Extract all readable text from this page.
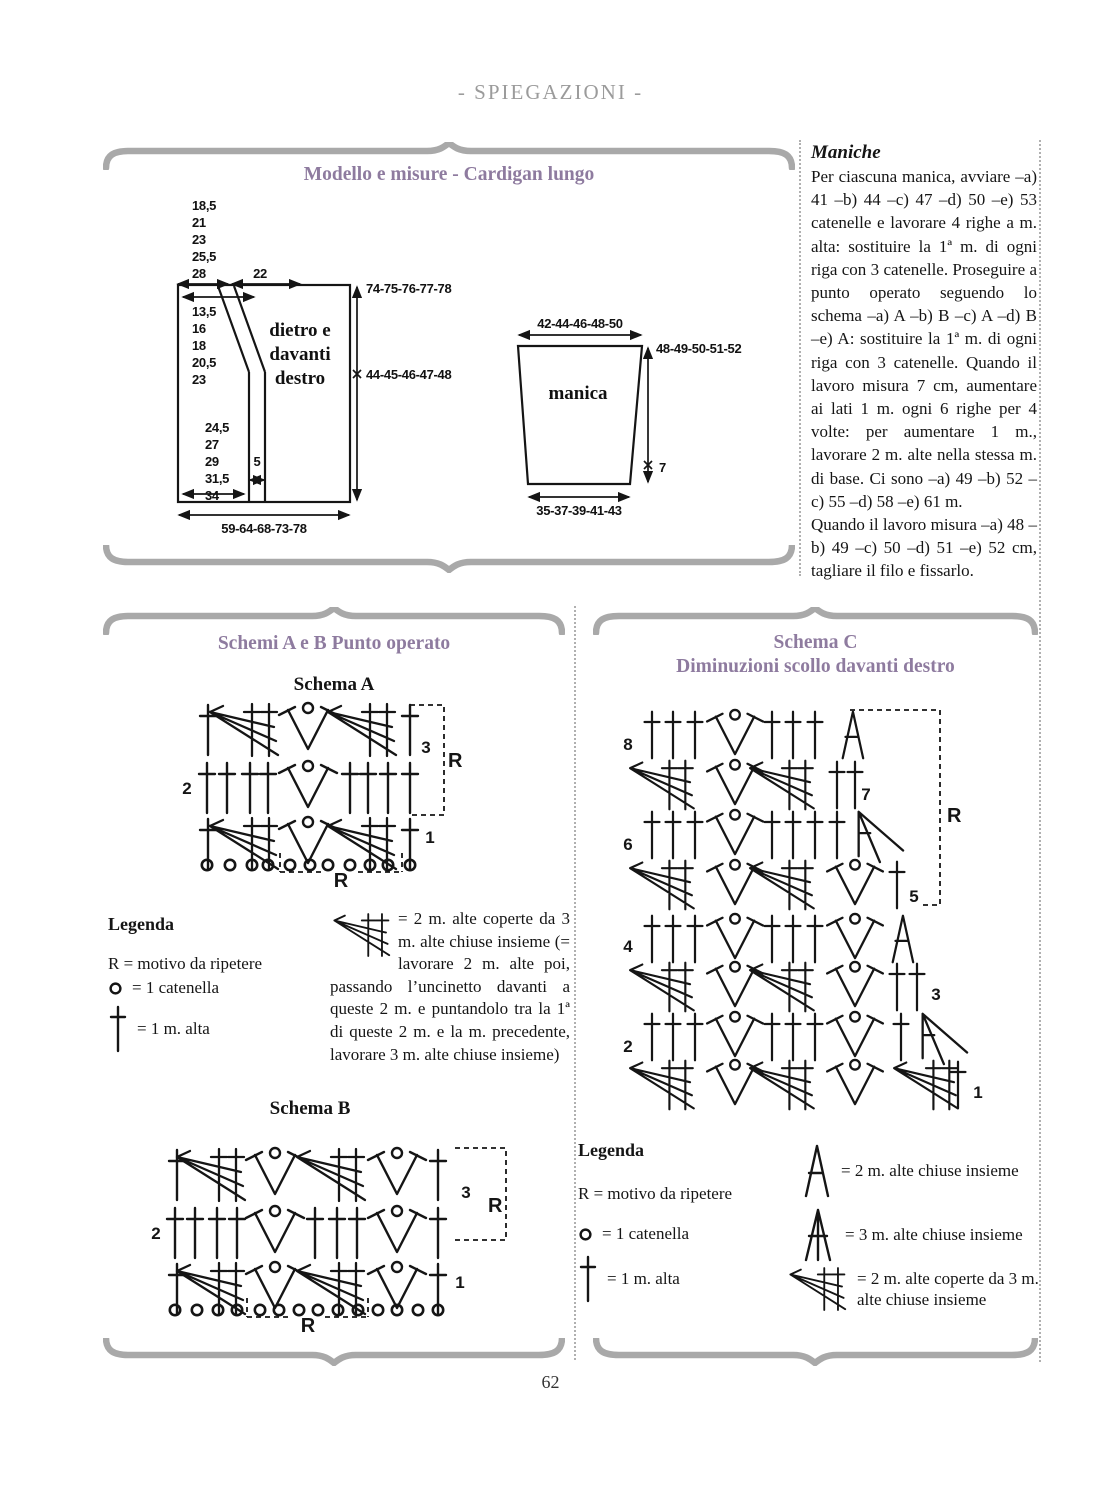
- SPIEGAZIONI -
Modello e misure - Cardigan lungo
18,5
21
23
25,5
28	22
13,5
16
18
20,5
23
dietro e
davanti
destro
24,5
27
29
31,5
34
5
74-75-76-77-78
44-45-46-47-48
59-64-68-73-78
42-44-46-48-50
manica
48-49-50-51-52
7
35-37-39-41-43
Maniche

Per ciascuna manica, avviare –a) 41 –b) 44 –c) 47 –d) 50 –e) 53 catenelle e lavorare 4 righe a m. alta: sostituire la 1ª m. di ogni riga con 3 catenelle. Proseguire a punto operato seguendo lo schema –a) A –b) B –c) A –d) B –e) A: sostituire la 1ª m. di ogni riga con 3 catenelle. Quando il lavoro misura 7 cm, aumentare ai lati 1 m. ogni 6 righe per 4 volte: per aumentare 1 m., lavorare 2 m. alte nella stessa m. di base. Ci sono –a) 49 –b) 52 –c) 55 –d) 58 –e) 61 m.

Quando il lavoro misura –a) 48 –b) 49 –c) 50 –d) 51 –e) 52 cm, tagliare il filo e fissarlo.

Schemi A e B Punto operato
Schema A
2
1
3
R
R
Legenda
R = motivo da ripetere
= 1 catenella
= 1 m. alta
= 2 m. alte coperte da 3 m. alte chiuse insieme (= lavorare 2 m. alte poi, passando l’uncinetto davanti a queste 2 m. e puntandolo tra la 1ª di queste 2 m. e la m. precedente, lavorare 3 m. alte chiuse insieme)
Schema B
2
1
3
R
R
Schema C
Diminuzioni scollo davanti destro
R
8
7
6
5
4
3
2
1
Legenda
R = motivo da ripetere
= 1 catenella
= 1 m. alta
= 2 m. alte chiuse insieme
= 3 m. alte chiuse insieme
= 2 m. alte coperte da 3 m. alte chiuse insieme
62
